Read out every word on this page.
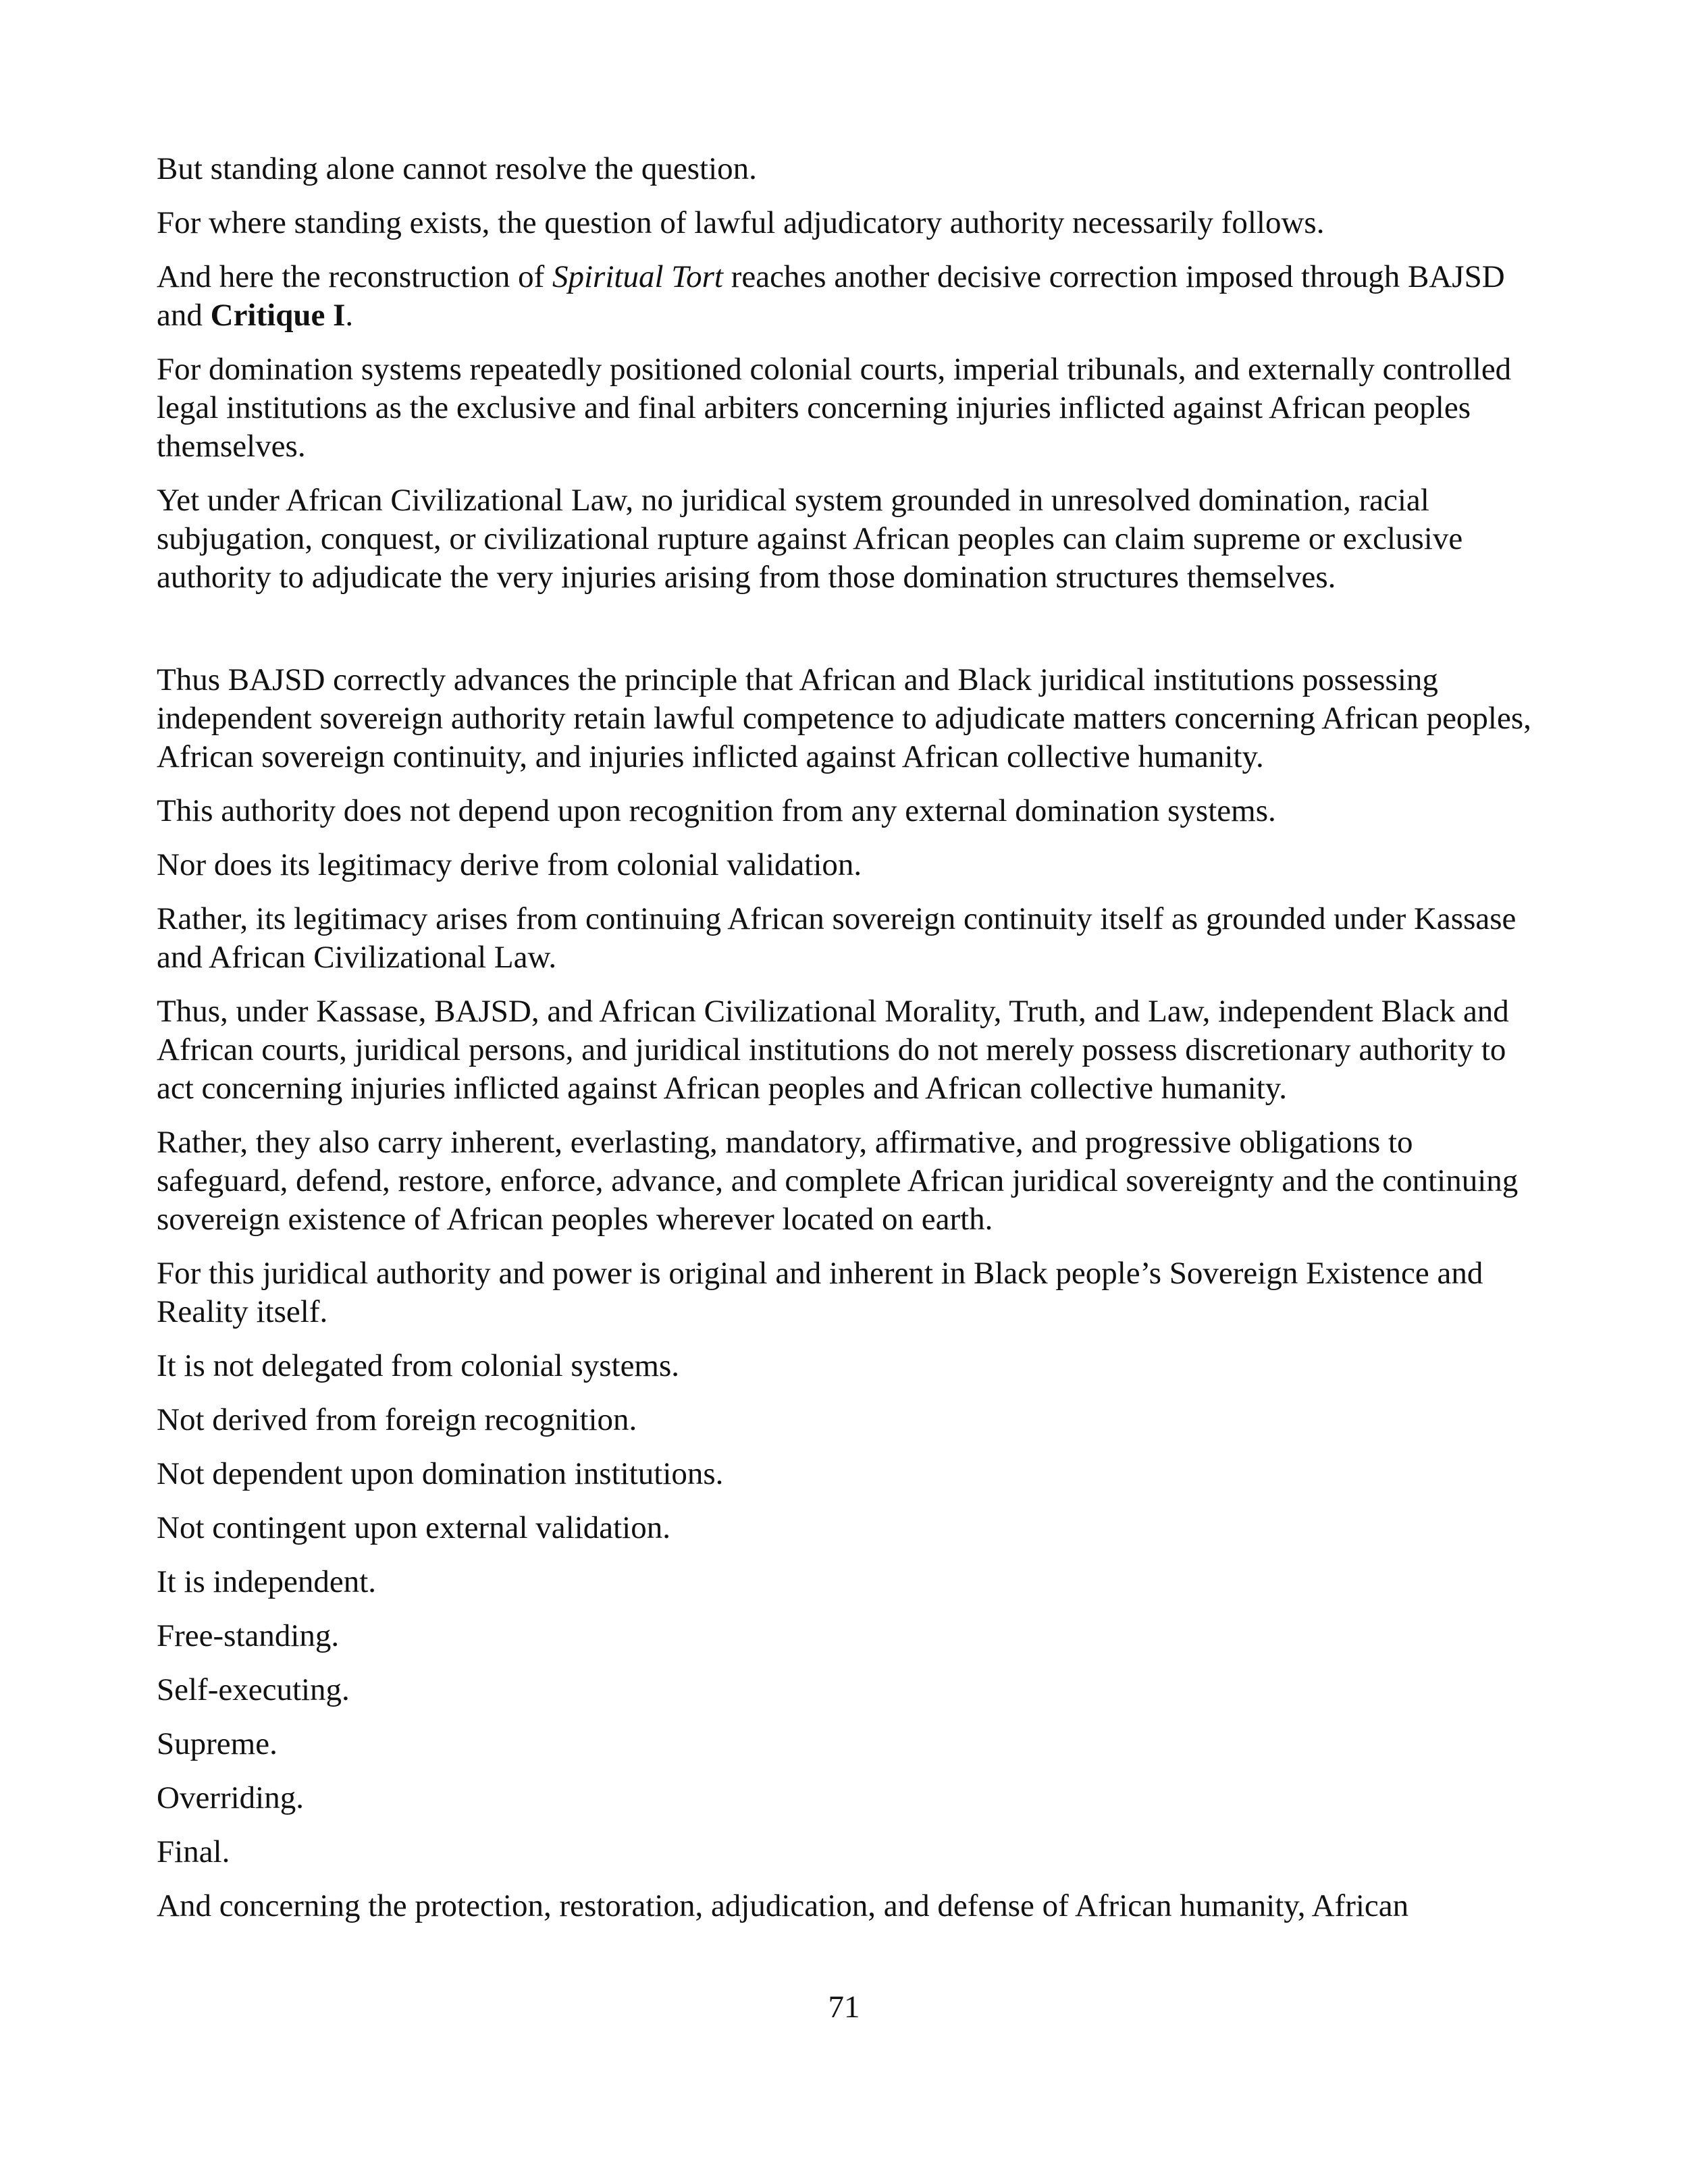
But standing alone cannot resolve the question.

For where standing exists, the question of lawful adjudicatory authority necessarily follows.

And here the reconstruction of Spiritual Tort reaches another decisive correction imposed through BAJSD and Critique I.

For domination systems repeatedly positioned colonial courts, imperial tribunals, and externally controlled legal institutions as the exclusive and final arbiters concerning injuries inflicted against African peoples themselves.

Yet under African Civilizational Law, no juridical system grounded in unresolved domination, racial subjugation, conquest, or civilizational rupture against African peoples can claim supreme or exclusive authority to adjudicate the very injuries arising from those domination structures themselves.

Thus BAJSD correctly advances the principle that African and Black juridical institutions possessing independent sovereign authority retain lawful competence to adjudicate matters concerning African peoples, African sovereign continuity, and injuries inflicted against African collective humanity.

This authority does not depend upon recognition from any external domination systems.

Nor does its legitimacy derive from colonial validation.

Rather, its legitimacy arises from continuing African sovereign continuity itself as grounded under Kassase and African Civilizational Law.

Thus, under Kassase, BAJSD, and African Civilizational Morality, Truth, and Law, independent Black and African courts, juridical persons, and juridical institutions do not merely possess discretionary authority to act concerning injuries inflicted against African peoples and African collective humanity.

Rather, they also carry inherent, everlasting, mandatory, affirmative, and progressive obligations to safeguard, defend, restore, enforce, advance, and complete African juridical sovereignty and the continuing sovereign existence of African peoples wherever located on earth.

For this juridical authority and power is original and inherent in Black people’s Sovereign Existence and Reality itself.

It is not delegated from colonial systems.

Not derived from foreign recognition.

Not dependent upon domination institutions.

Not contingent upon external validation.

It is independent.

Free-standing.

Self-executing.

Supreme.

Overriding.

Final.

And concerning the protection, restoration, adjudication, and defense of African humanity, African

71
